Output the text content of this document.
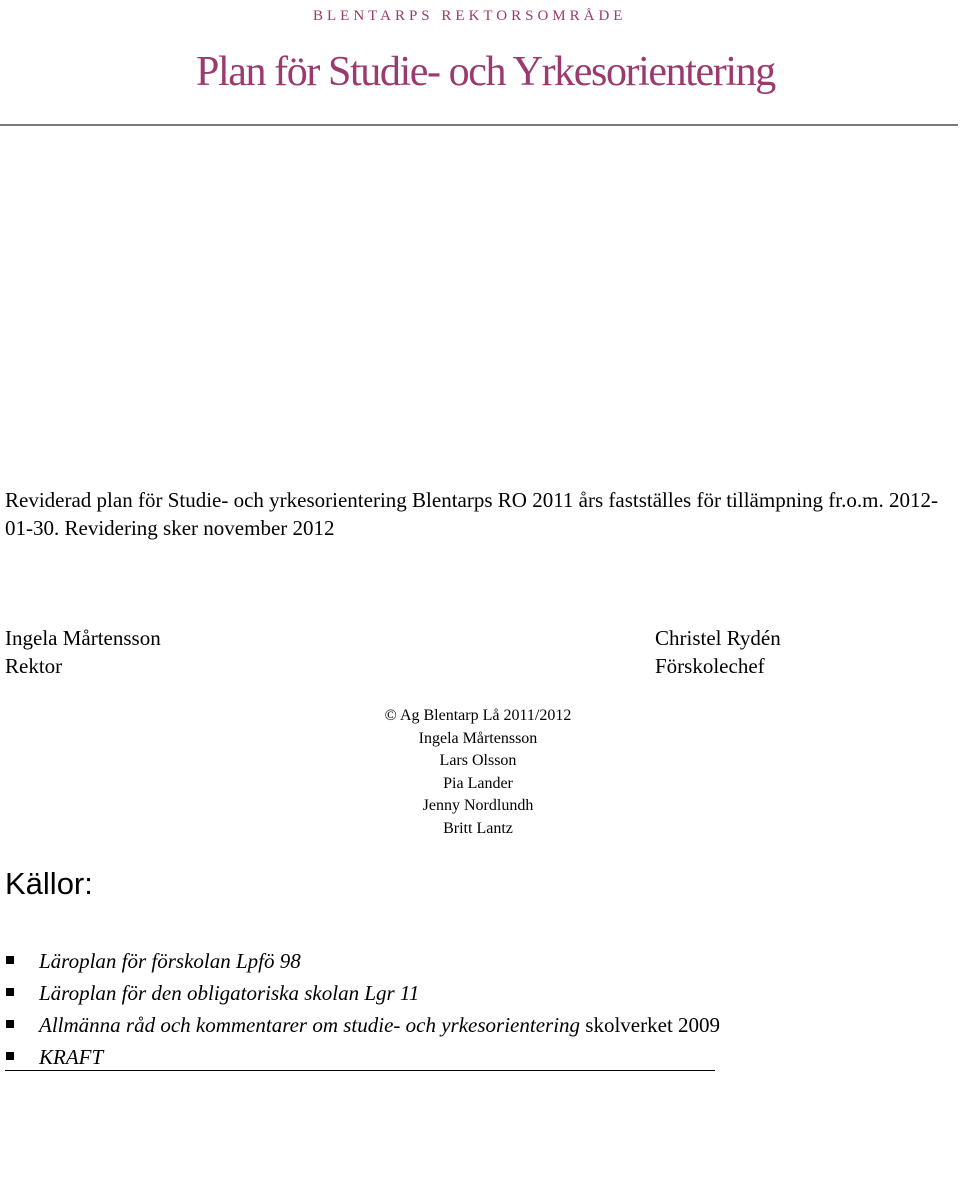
BLENTARPS REKTORSOMRÅDE
Plan för Studie- och Yrkesorientering
Reviderad plan för Studie- och yrkesorientering Blentarps RO 2011 års fastställes för tillämpning fr.o.m. 2012-01-30. Revidering sker november 2012
Ingela Mårtensson
Rektor
Christel Rydén
Förskolechef
© Ag Blentarp Lå 2011/2012
Ingela Mårtensson
Lars Olsson
Pia Lander
Jenny Nordlundh
Britt Lantz
Källor:
Läroplan för förskolan Lpfö 98
Läroplan för den obligatoriska skolan Lgr 11
Allmänna råd och kommentarer om studie- och yrkesorientering skolverket 2009
KRAFT
